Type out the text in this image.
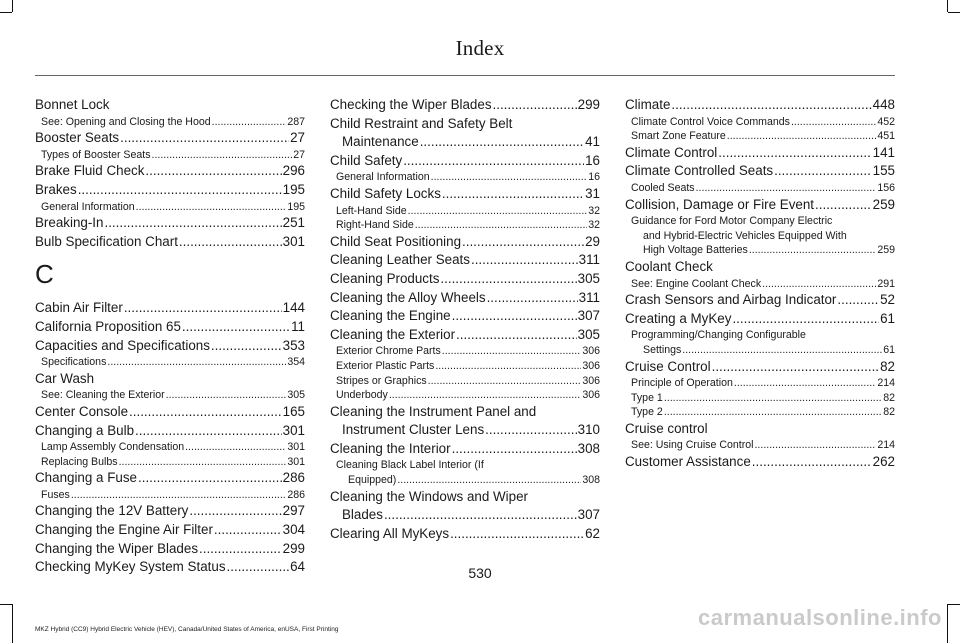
Index
Bonnet Lock
See: Opening and Closing the Hood .....	287
Booster Seats .....	27
Types of Booster Seats .....	27
Brake Fluid Check .....	296
Brakes .....	195
General Information .....	195
Breaking-In .....	251
Bulb Specification Chart .....	301
C
Cabin Air Filter .....	144
California Proposition 65 .....	11
Capacities and Specifications .....	353
Specifications .....	354
Car Wash
See: Cleaning the Exterior .....	305
Center Console .....	165
Changing a Bulb .....	301
Lamp Assembly Condensation .....	301
Replacing Bulbs .....	301
Changing a Fuse .....	286
Fuses .....	286
Changing the 12V Battery .....	297
Changing the Engine Air Filter .....	304
Changing the Wiper Blades .....	299
Checking MyKey System Status .....	64
Checking the Wiper Blades .....	299
Child Restraint and Safety Belt
Maintenance .....	41
Child Safety .....	16
General Information .....	16
Child Safety Locks .....	31
Left-Hand Side .....	32
Right-Hand Side .....	32
Child Seat Positioning .....	29
Cleaning Leather Seats .....	311
Cleaning Products .....	305
Cleaning the Alloy Wheels .....	311
Cleaning the Engine .....	307
Cleaning the Exterior .....	305
Exterior Chrome Parts .....	306
Exterior Plastic Parts .....	306
Stripes or Graphics .....	306
Underbody .....	306
Cleaning the Instrument Panel and
Instrument Cluster Lens .....	310
Cleaning the Interior .....	308
Cleaning Black Label Interior (If
Equipped) .....	308
Cleaning the Windows and Wiper
Blades .....	307
Clearing All MyKeys .....	62
Climate .....	448
Climate Control Voice Commands .....	452
Smart Zone Feature .....	451
Climate Control .....	141
Climate Controlled Seats .....	155
Cooled Seats .....	156
Collision, Damage or Fire Event .....	259
Guidance for Ford Motor Company Electric
and Hybrid-Electric Vehicles Equipped With
High Voltage Batteries .....	259
Coolant Check
See: Engine Coolant Check .....	291
Crash Sensors and Airbag Indicator .....	52
Creating a MyKey .....	61
Programming/Changing Configurable
Settings .....	61
Cruise Control .....	82
Principle of Operation .....	214
Type 1 .....	82
Type 2 .....	82
Cruise control
See: Using Cruise Control .....	214
Customer Assistance .....	262
530
MKZ Hybrid (CC9) Hybrid Electric Vehicle (HEV), Canada/United States of America, enUSA, First Printing	carmanualsonline.info
